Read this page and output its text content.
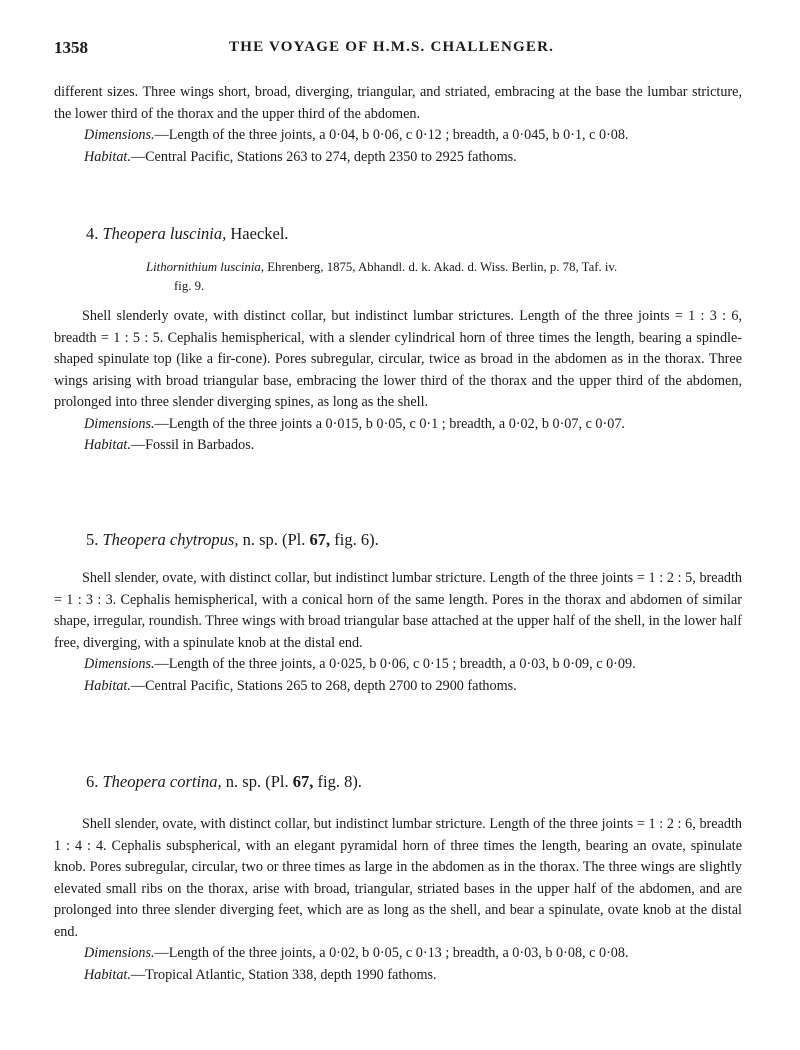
1358	THE VOYAGE OF H.M.S. CHALLENGER.
different sizes. Three wings short, broad, diverging, triangular, and striated, embracing at the base the lumbar stricture, the lower third of the thorax and the upper third of the abdomen.
Dimensions.—Length of the three joints, a 0·04, b 0·06, c 0·12 ; breadth, a 0·045, b 0·1, c 0·08.
Habitat.—Central Pacific, Stations 263 to 274, depth 2350 to 2925 fathoms.
4. Theopera luscinia, Haeckel.
Lithornithium luscinia, Ehrenberg, 1875, Abhandl. d. k. Akad. d. Wiss. Berlin, p. 78, Taf. iv.
fig. 9.
Shell slenderly ovate, with distinct collar, but indistinct lumbar strictures. Length of the three joints = 1 : 3 : 6, breadth = 1 : 5 : 5. Cephalis hemispherical, with a slender cylindrical horn of three times the length, bearing a spindle-shaped spinulate top (like a fir-cone). Pores subregular, circular, twice as broad in the abdomen as in the thorax. Three wings arising with broad triangular base, embracing the lower third of the thorax and the upper third of the abdomen, prolonged into three slender diverging spines, as long as the shell.
Dimensions.—Length of the three joints a 0·015, b 0·05, c 0·1 ; breadth, a 0·02, b 0·07, c 0·07.
Habitat.—Fossil in Barbados.
5. Theopera chytropus, n. sp. (Pl. 67, fig. 6).
Shell slender, ovate, with distinct collar, but indistinct lumbar stricture. Length of the three joints = 1 : 2 : 5, breadth = 1 : 3 : 3. Cephalis hemispherical, with a conical horn of the same length. Pores in the thorax and abdomen of similar shape, irregular, roundish. Three wings with broad triangular base attached at the upper half of the shell, in the lower half free, diverging, with a spinulate knob at the distal end.
Dimensions.—Length of the three joints, a 0·025, b 0·06, c 0·15 ; breadth, a 0·03, b 0·09, c 0·09.
Habitat.—Central Pacific, Stations 265 to 268, depth 2700 to 2900 fathoms.
6. Theopera cortina, n. sp. (Pl. 67, fig. 8).
Shell slender, ovate, with distinct collar, but indistinct lumbar stricture. Length of the three joints = 1 : 2 : 6, breadth 1 : 4 : 4. Cephalis subspherical, with an elegant pyramidal horn of three times the length, bearing an ovate, spinulate knob. Pores subregular, circular, two or three times as large in the abdomen as in the thorax. The three wings are slightly elevated small ribs on the thorax, arise with broad, triangular, striated bases in the upper half of the abdomen, and are prolonged into three slender diverging feet, which are as long as the shell, and bear a spinulate, ovate knob at the distal end.
Dimensions.—Length of the three joints, a 0·02, b 0·05, c 0·13 ; breadth, a 0·03, b 0·08, c 0·08.
Habitat.—Tropical Atlantic, Station 338, depth 1990 fathoms.
